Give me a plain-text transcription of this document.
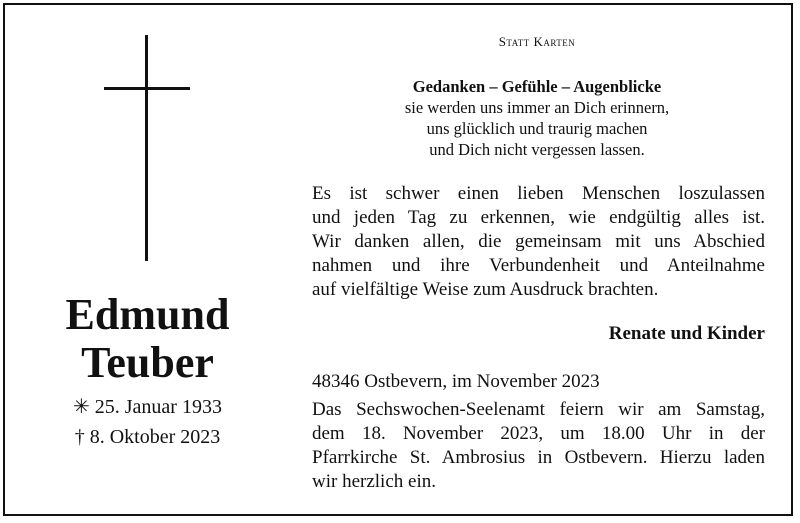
Edmund
Teuber
✳ 25. Januar 1933
† 8. Oktober 2023
Statt Karten
Gedanken – Gefühle – Augenblicke
sie werden uns immer an Dich erinnern,
uns glücklich und traurig machen
und Dich nicht vergessen lassen.
Es ist schwer einen lieben Menschen loszulassen
und jeden Tag zu erkennen, wie endgültig alles ist.
Wir danken allen, die gemeinsam mit uns Abschied
nahmen und ihre Verbundenheit und Anteilnahme
auf vielfältige Weise zum Ausdruck brachten.
Renate und Kinder
48346 Ostbevern, im November 2023
Das Sechswochen-Seelenamt feiern wir am Samstag,
dem 18. November 2023, um 18.00 Uhr in der
Pfarrkirche St. Ambrosius in Ostbevern. Hierzu laden
wir herzlich ein.
